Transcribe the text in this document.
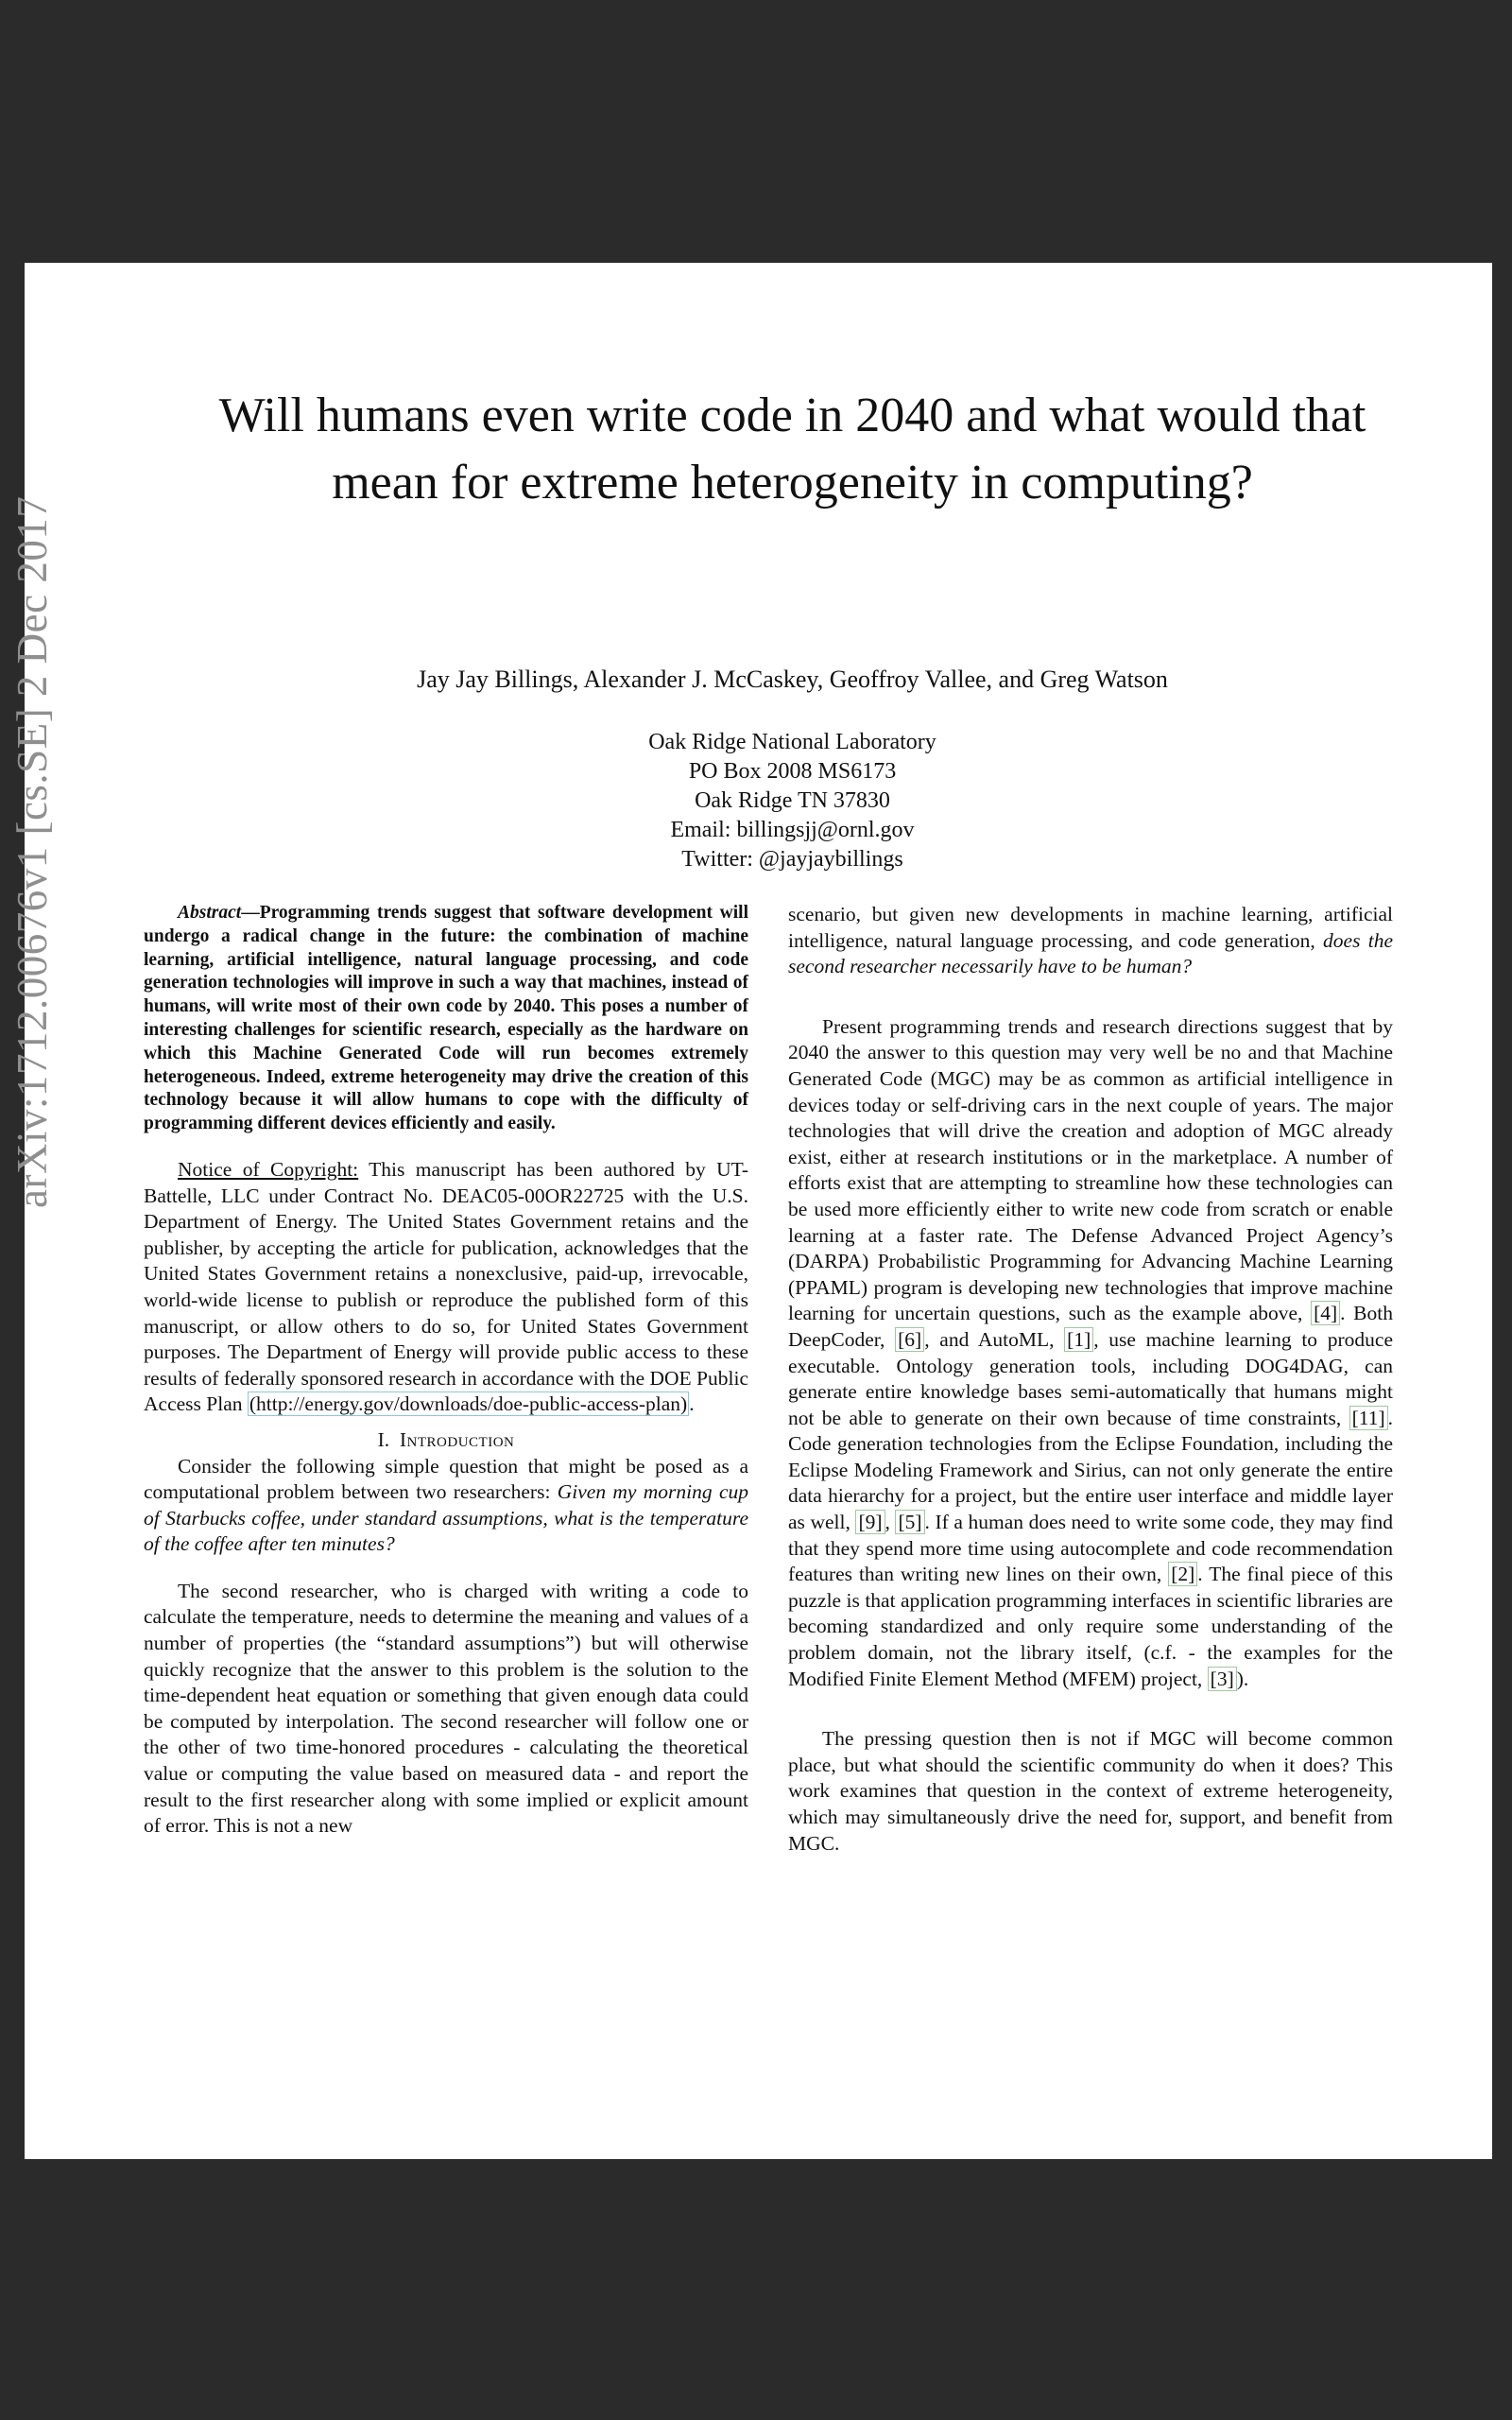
arXiv:1712.00676v1 [cs.SE] 2 Dec 2017
Will humans even write code in 2040 and what would that mean for extreme heterogeneity in computing?
Jay Jay Billings, Alexander J. McCaskey, Geoffroy Vallee, and Greg Watson
Oak Ridge National Laboratory
PO Box 2008 MS6173
Oak Ridge TN 37830
Email: billingsjj@ornl.gov
Twitter: @jayjaybillings

Abstract—Programming trends suggest that software development will undergo a radical change in the future: the combination of machine learning, artificial intelligence, natural language processing, and code generation technologies will improve in such a way that machines, instead of humans, will write most of their own code by 2040. This poses a number of interesting challenges for scientific research, especially as the hardware on which this Machine Generated Code will run becomes extremely heterogeneous. Indeed, extreme heterogeneity may drive the creation of this technology because it will allow humans to cope with the difficulty of programming different devices efficiently and easily.

Notice of Copyright: This manuscript has been authored by UT- Battelle, LLC under Contract No. DEAC05-00OR22725 with the U.S. Department of Energy. The United States Government retains and the publisher, by accepting the article for publication, acknowledges that the United States Government retains a nonexclusive, paid-up, irrevocable, world-wide license to publish or reproduce the published form of this manuscript, or allow others to do so, for United States Government purposes. The Department of Energy will provide public access to these results of federally sponsored research in accordance with the DOE Public Access Plan (http://energy.gov/downloads/doe-public-access-plan).

I. Introduction

Consider the following simple question that might be posed as a computational problem between two researchers: Given my morning cup of Starbucks coffee, under standard assumptions, what is the temperature of the coffee after ten minutes?

The second researcher, who is charged with writing a code to calculate the temperature, needs to determine the meaning and values of a number of properties (the “standard assumptions”) but will otherwise quickly recognize that the answer to this problem is the solution to the time-dependent heat equation or something that given enough data could be computed by interpolation. The second researcher will follow one or the other of two time-honored procedures - calculating the theoretical value or computing the value based on measured data - and report the result to the first researcher along with some implied or explicit amount of error. This is not a new

scenario, but given new developments in machine learning, artificial intelligence, natural language processing, and code generation, does the second researcher necessarily have to be human?

Present programming trends and research directions suggest that by 2040 the answer to this question may very well be no and that Machine Generated Code (MGC) may be as common as artificial intelligence in devices today or self-driving cars in the next couple of years. The major technologies that will drive the creation and adoption of MGC already exist, either at research institutions or in the marketplace. A number of efforts exist that are attempting to streamline how these technologies can be used more efficiently either to write new code from scratch or enable learning at a faster rate. The Defense Advanced Project Agency’s (DARPA) Probabilistic Programming for Advancing Machine Learning (PPAML) program is developing new technologies that improve machine learning for uncertain questions, such as the example above, [4] . Both DeepCoder, [6] , and AutoML, [1] , use machine learning to produce executable. Ontology generation tools, including DOG4DAG, can generate entire knowledge bases semi-automatically that humans might not be able to generate on their own because of time constraints, [11] . Code generation technologies from the Eclipse Foundation, including the Eclipse Modeling Framework and Sirius, can not only generate the entire data hierarchy for a project, but the entire user interface and middle layer as well, [9] , [5] . If a human does need to write some code, they may find that they spend more time using autocomplete and code recommendation features than writing new lines on their own, [2] . The final piece of this puzzle is that application programming interfaces in scientific libraries are becoming standardized and only require some understanding of the problem domain, not the library itself, (c.f. - the examples for the Modified Finite Element Method (MFEM) project, [3] ).

The pressing question then is not if MGC will become common place, but what should the scientific community do when it does? This work examines that question in the context of extreme heterogeneity, which may simultaneously drive the need for, support, and benefit from MGC.
